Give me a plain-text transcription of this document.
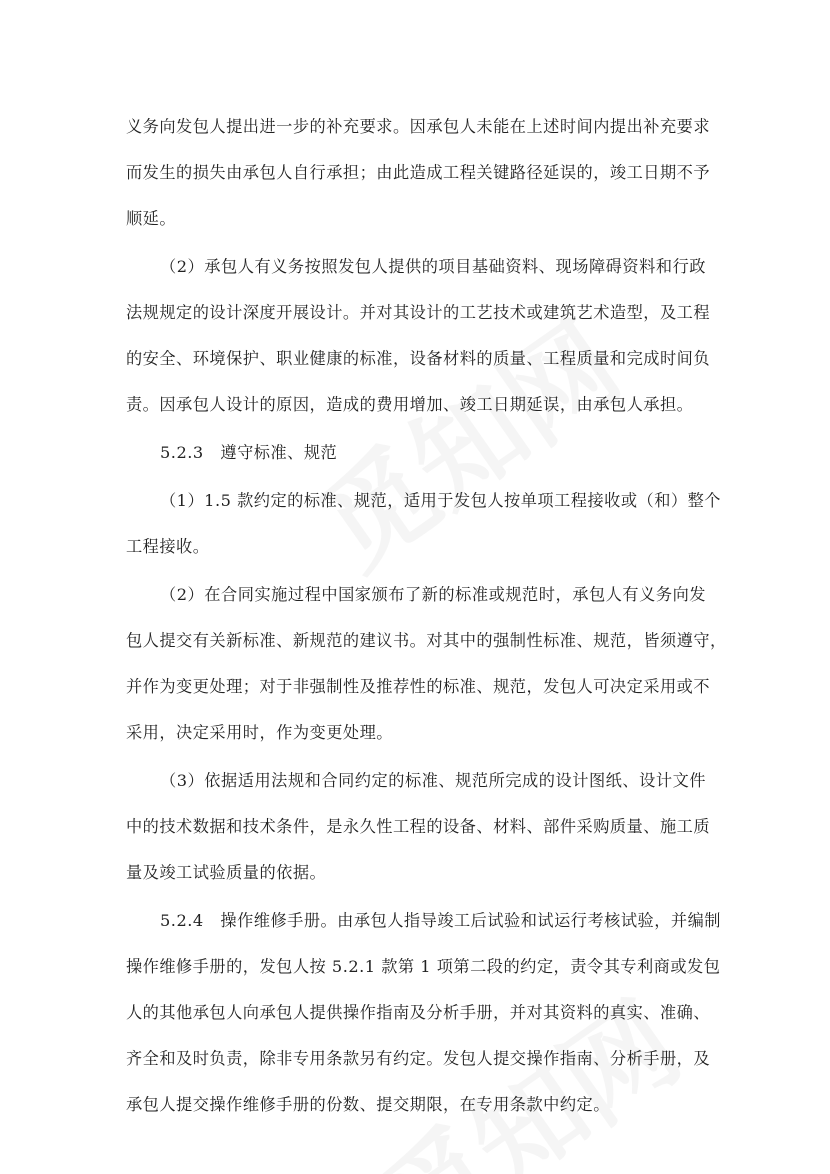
义务向发包人提出进一步的补充要求。因承包人未能在上述时间内提出补充要求
而发生的损失由承包人自行承担；由此造成工程关键路径延误的，竣工日期不予
顺延。

（2）承包人有义务按照发包人提供的项目基础资料、现场障碍资料和行政
法规规定的设计深度开展设计。并对其设计的工艺技术或建筑艺术造型，及工程
的安全、环境保护、职业健康的标准，设备材料的质量、工程质量和完成时间负
责。因承包人设计的原因，造成的费用增加、竣工日期延误，由承包人承担。

5.2.3　遵守标准、规范

（1）1.5 款约定的标准、规范，适用于发包人按单项工程接收或（和）整个
工程接收。

（2）在合同实施过程中国家颁布了新的标准或规范时，承包人有义务向发
包人提交有关新标准、新规范的建议书。对其中的强制性标准、规范，皆须遵守，
并作为变更处理；对于非强制性及推荐性的标准、规范，发包人可决定采用或不
采用，决定采用时，作为变更处理。

（3）依据适用法规和合同约定的标准、规范所完成的设计图纸、设计文件
中的技术数据和技术条件，是永久性工程的设备、材料、部件采购质量、施工质
量及竣工试验质量的依据。

5.2.4　操作维修手册。由承包人指导竣工后试验和试运行考核试验，并编制
操作维修手册的，发包人按 5.2.1 款第 1 项第二段的约定，责令其专利商或发包
人的其他承包人向承包人提供操作指南及分析手册，并对其资料的真实、准确、
齐全和及时负责，除非专用条款另有约定。发包人提交操作指南、分析手册，及
承包人提交操作维修手册的份数、提交期限，在专用条款中约定。
